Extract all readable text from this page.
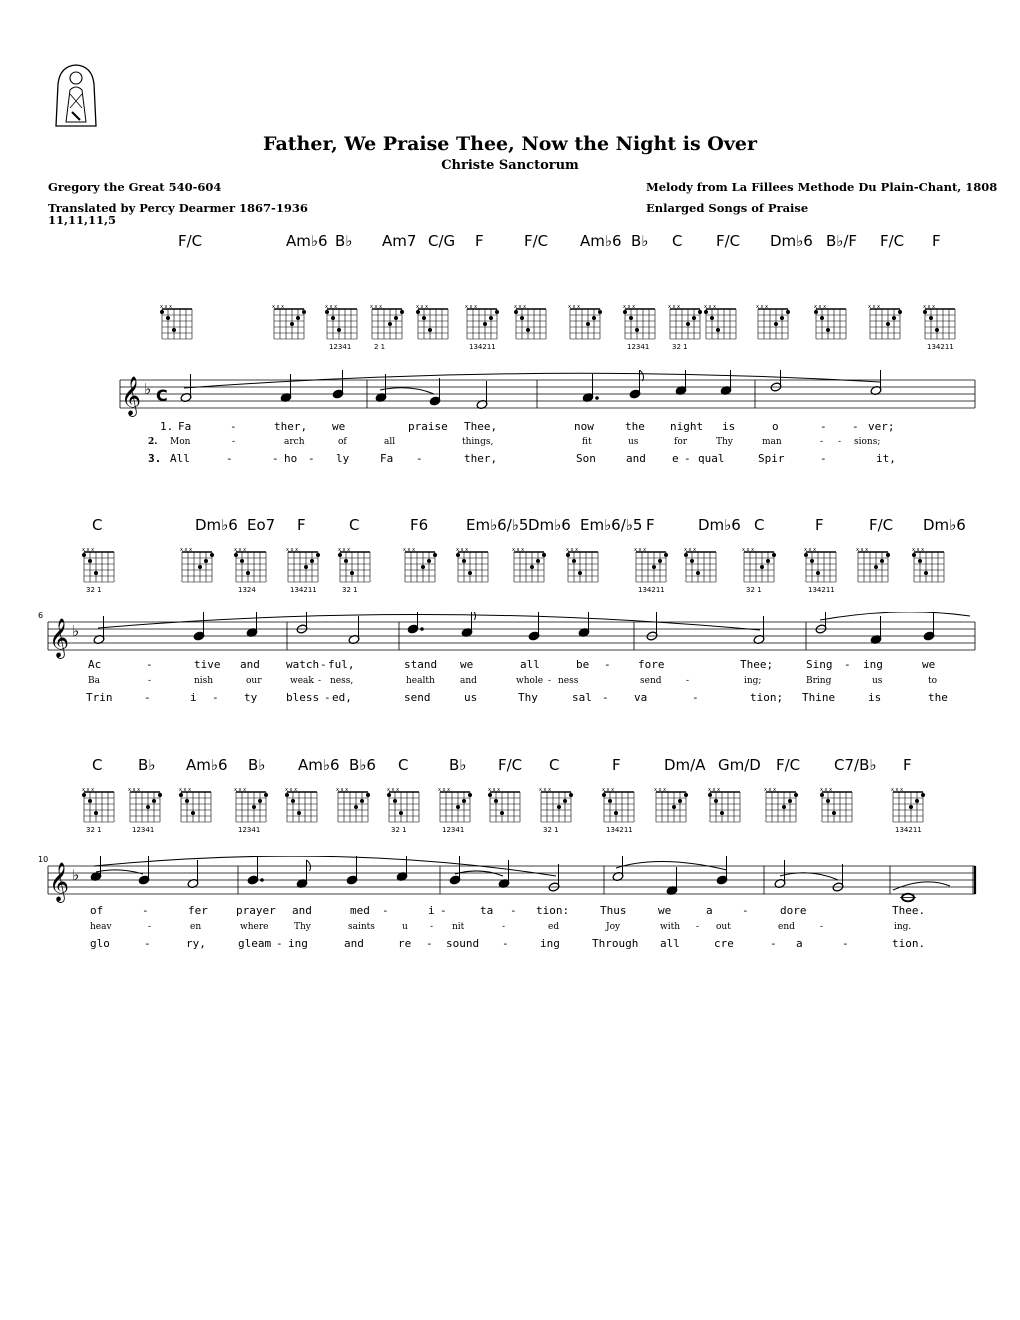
Father, We Praise Thee, Now the Night is Over
Christe Sanctorum
Gregory the Great 540-604
Translated by Percy Dearmer 1867-1936
11,11,11,5
Melody from La Fillees Methode Du Plain-Chant, 1808
Enlarged Songs of Praise
F/C	Am♭6 B♭ Am7 C/G F	F/C Am♭6 B♭ C F/C Dm♭6 B♭/F F/C F
x x x	x x x	x x x
12341
x x x
2 1
x x x	x x x
134211
x x x	x x x	x x x
12341
x x x
32 1
x x x	x x x	x x x	x x x	x x x
134211
𝄞 ♭ C
1. Fa	-	ther, we	praise Thee,	now	the night is	o	- - ver;
2. Mon	-	arch	of	all	things,	fit	us	for	Thy	man	- - sions;
3. All	-	- ho - ly	Fa -	ther,	Son	and e - qual	Spir	-	it,
C	Dm♭6 Eo7 F	C	F6	Em♭6/♭5 Dm♭6 Em♭6/♭5 F	Dm♭6 C	F	F/C Dm♭6
x x x
32 1
x x x	x x x
1324
x x x
134211
x x x
32 1
x x x	x x x	x x x	x x x	x x x
134211
x x x	x x x
32 1
x x x
134211
x x x	x x x
𝄞 ♭
6
Ac	-	tive and watch - ful,	stand we	all	be - fore	Thee;	Sing - ing	we
Ba	-	nish	our	weak - ness,	health	and	whole - ness	send	-	ing;	Bring	us	to
Trin	-	i - ty	bless - ed,	send	us	Thy	sal - va	-	tion; Thine	is	the
C B♭ Am♭6 B♭ Am♭6 B♭6 C	B♭ F/C C	F	Dm/A Gm/D F/C C7/B♭ F
x x x
32 1
x x x
12341
x x x	x x x
12341
x x x	x x x	x x x
32 1
x x x
12341
x x x	x x x
32 1
x x x
134211
x x x	x x x	x x x	x x x	x x x
134211
𝄞 ♭
10
of	-	fer	prayer and	med -	i -	ta - tion:	Thus	we	a	-	dore	Thee.
heav	-	en	where	Thy	saints	u - nit	-	ed	Joy	with - out	end	-	ing.
glo	-	ry,	gleam - ing	and	re - sound -	ing	Through all	cre	- a	-	tion.
